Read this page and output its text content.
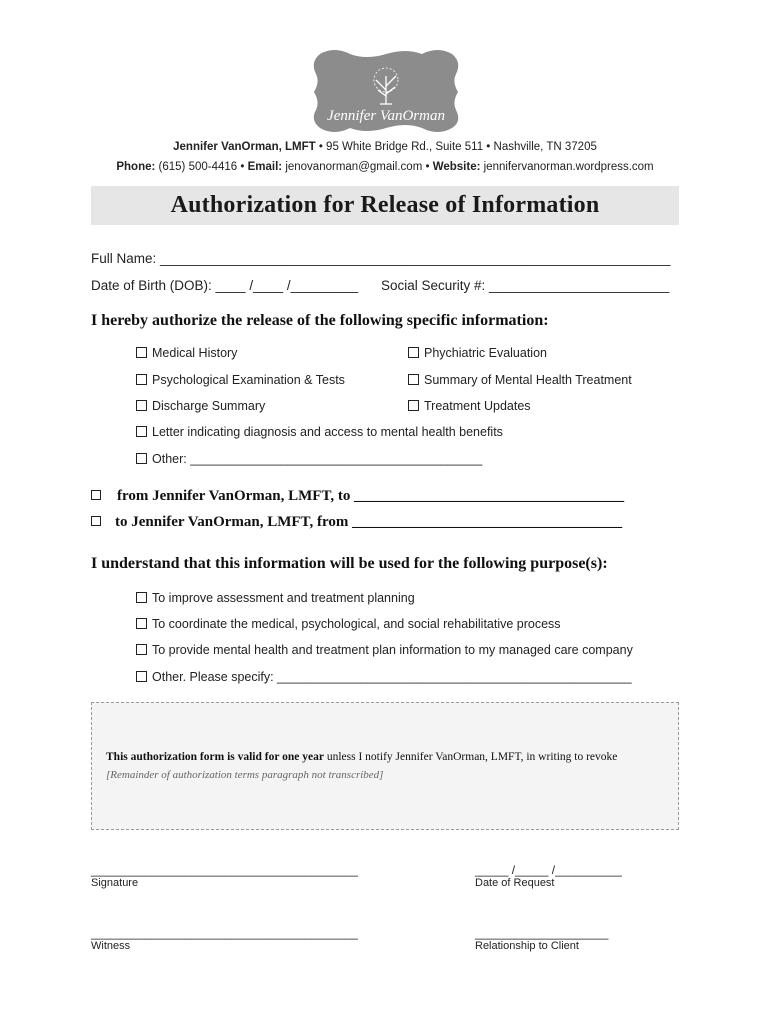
Jennifer VanOrman
Jennifer VanOrman, LMFT • 95 White Bridge Rd., Suite 511 • Nashville, TN 37205
Phone: (615) 500-4416 • Email: jenovanorman@gmail.com • Website: jennifervanorman.wordpress.com
Authorization for Release of Information
Full Name: ____________________________________________________________________
Date of Birth (DOB): ____ /____ /_________ Social Security #: ________________________
I hereby authorize the release of the following specific information:
Medical History	Phychiatric Evaluation
Psychological Examination & Tests	Summary of Mental Health Treatment
Discharge Summary	Treatment Updates
Letter indicating diagnosis and access to mental health benefits
Other: __________________________________________
from Jennifer VanOrman, LMFT, to ____________________________________
to Jennifer VanOrman, LMFT, from ____________________________________
I understand that this information will be used for the following purpose(s):
To improve assessment and treatment planning
To coordinate the medical, psychological, and social rehabilitative process
To provide mental health and treatment plan information to my managed care company
Other. Please specify: ___________________________________________________
This authorization form is valid for one year unless I notify Jennifer VanOrman, LMFT, in writing to revoke
[Remainder of authorization terms paragraph not transcribed]
________________________________________
Signature
_____ /_____ /__________
Date of Request
________________________________________
Witness
____________________
Relationship to Client
